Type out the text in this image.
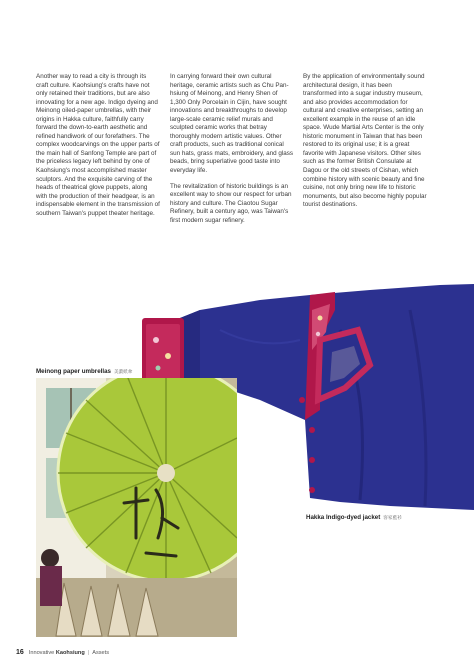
Another way to read a city is through its craft culture. Kaohsiung's crafts have not only retained their traditions, but are also innovating for a new age. Indigo dyeing and Meinong oiled-paper umbrellas, with their origins in Hakka culture, faithfully carry forward the down-to-earth aesthetic and refined handiwork of our forefathers. The complex woodcarvings on the upper parts of the main hall of Sanfong Temple are part of the priceless legacy left behind by one of Kaohsiung's most accomplished master sculptors. And the exquisite carving of the heads of theatrical glove puppets, along with the production of their headgear, is an indispensable element in the transmission of southern Taiwan's puppet theater heritage.

In carrying forward their own cultural heritage, ceramic artists such as Chu Pan-hsiung of Meinong, and Henry Shen of 1,300 Only Porcelain in Cijin, have sought innovations and breakthroughs to develop large-scale ceramic relief murals and sculpted ceramic works that betray thoroughly modern artistic values. Other craft products, such as traditional conical sun hats, grass mats, embroidery, and glass beads, bring superlative good taste into everyday life.

The revitalization of historic buildings is an excellent way to show our respect for urban history and culture. The Ciaotou Sugar Refinery, built a century ago, was Taiwan's first modern sugar refinery.

By the application of environmentally sound architectural design, it has been transformed into a sugar industry museum, and also provides accommodation for cultural and creative enterprises, setting an excellent example in the reuse of an idle space. Wude Martial Arts Center is the only historic monument in Taiwan that has been restored to its original use; it is a great favorite with Japanese visitors. Other sites such as the former British Consulate at Dagou or the old streets of Cishan, which combine history with scenic beauty and fine cuisine, not only bring new life to historic monuments, but also become highly popular tourist destinations.

Meinong paper umbrellas 美濃紙傘
Hakka Indigo-dyed jacket 客家藍衫
16 Innovative Kaohsiung | Assets
